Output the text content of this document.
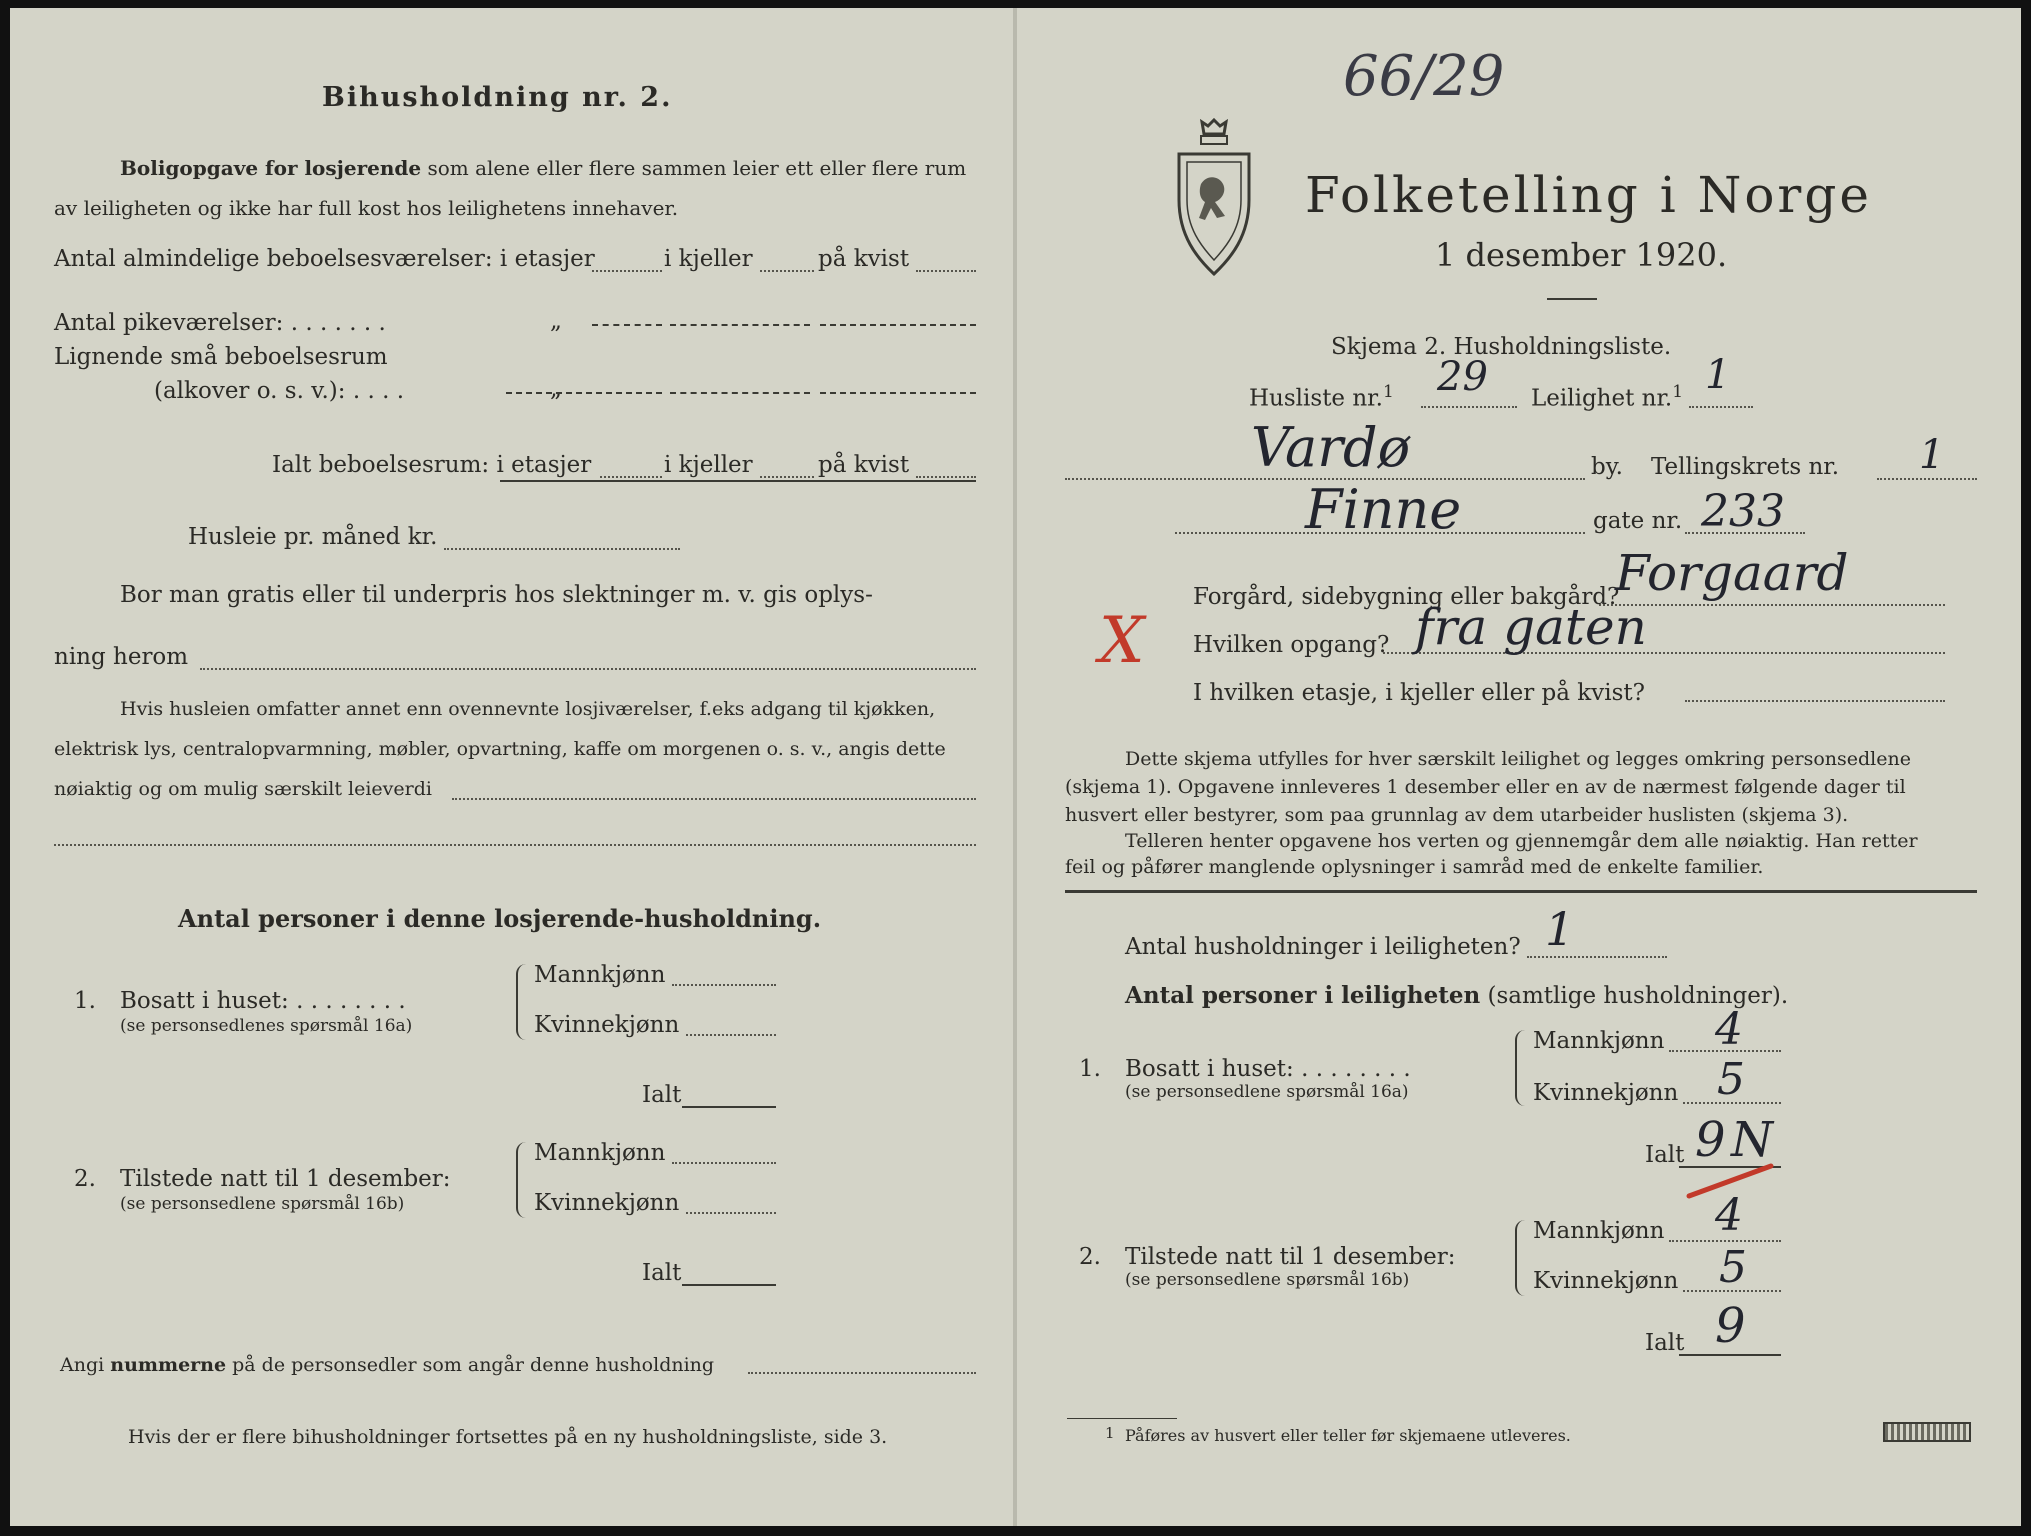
Bihusholdning nr. 2.
Boligopgave for losjerende som alene eller flere sammen leier ett eller flere rum
av leiligheten og ikke har full kost hos leilighetens innehaver.
Antal almindelige beboelsesværelser: i etasjer	i kjeller	på kvist
Antal pikeværelser: . . . . . . .	„
Lignende små beboelsesrum
(alkover o. s. v.): . . . .	„
Ialt beboelsesrum: i etasjer	i kjeller	på kvist
Husleie pr. måned kr.
Bor man gratis eller til underpris hos slektninger m. v. gis oplys-
ning herom
Hvis husleien omfatter annet enn ovennevnte losjiværelser, f.eks adgang til kjøkken,
elektrisk lys, centralopvarmning, møbler, opvartning, kaffe om morgenen o. s. v., angis dette
nøiaktig og om mulig særskilt leieverdi
Antal personer i denne losjerende-husholdning.
1. Bosatt i huset: . . . . . . . .
(se personsedlenes spørsmål 16a)
Mannkjønn
Kvinnekjønn
Ialt
2. Tilstede natt til 1 desember:
(se personsedlene spørsmål 16b)
Mannkjønn
Kvinnekjønn
Ialt
Angi nummerne på de personsedler som angår denne husholdning
Hvis der er flere bihusholdninger fortsettes på en ny husholdningsliste, side 3.
66/29
Folketelling i Norge
1 desember 1920.
Skjema 2. Husholdningsliste.
Husliste nr.$^1$ 29 Leilighet nr.$^1$ 1
Vardø	by. Tellingskrets nr. 1
Finne	gate nr. 233
Forgård, sidebygning eller bakgård?
Forgaard
X Hvilken opgang? fra gaten
I hvilken etasje, i kjeller eller på kvist?
Dette skjema utfylles for hver særskilt leilighet og legges omkring personsedlene
(skjema 1). Opgavene innleveres 1 desember eller en av de nærmest følgende dager til
husvert eller bestyrer, som paa grunnlag av dem utarbeider huslisten (skjema 3).
Telleren henter opgavene hos verten og gjennemgår dem alle nøiaktig. Han retter
feil og påfører manglende oplysninger i samråd med de enkelte familier.
Antal husholdninger i leiligheten? 1
Antal personer i leiligheten (samtlige husholdninger).
1. Bosatt i huset: . . . . . . . .
(se personsedlene spørsmål 16a)
Mannkjønn 4
Kvinnekjønn 5
Ialt 9 N
2. Tilstede natt til 1 desember:
(se personsedlene spørsmål 16b)
Mannkjønn 4
Kvinnekjønn 5
Ialt 9
1 Påføres av husvert eller teller før skjemaene utleveres.
